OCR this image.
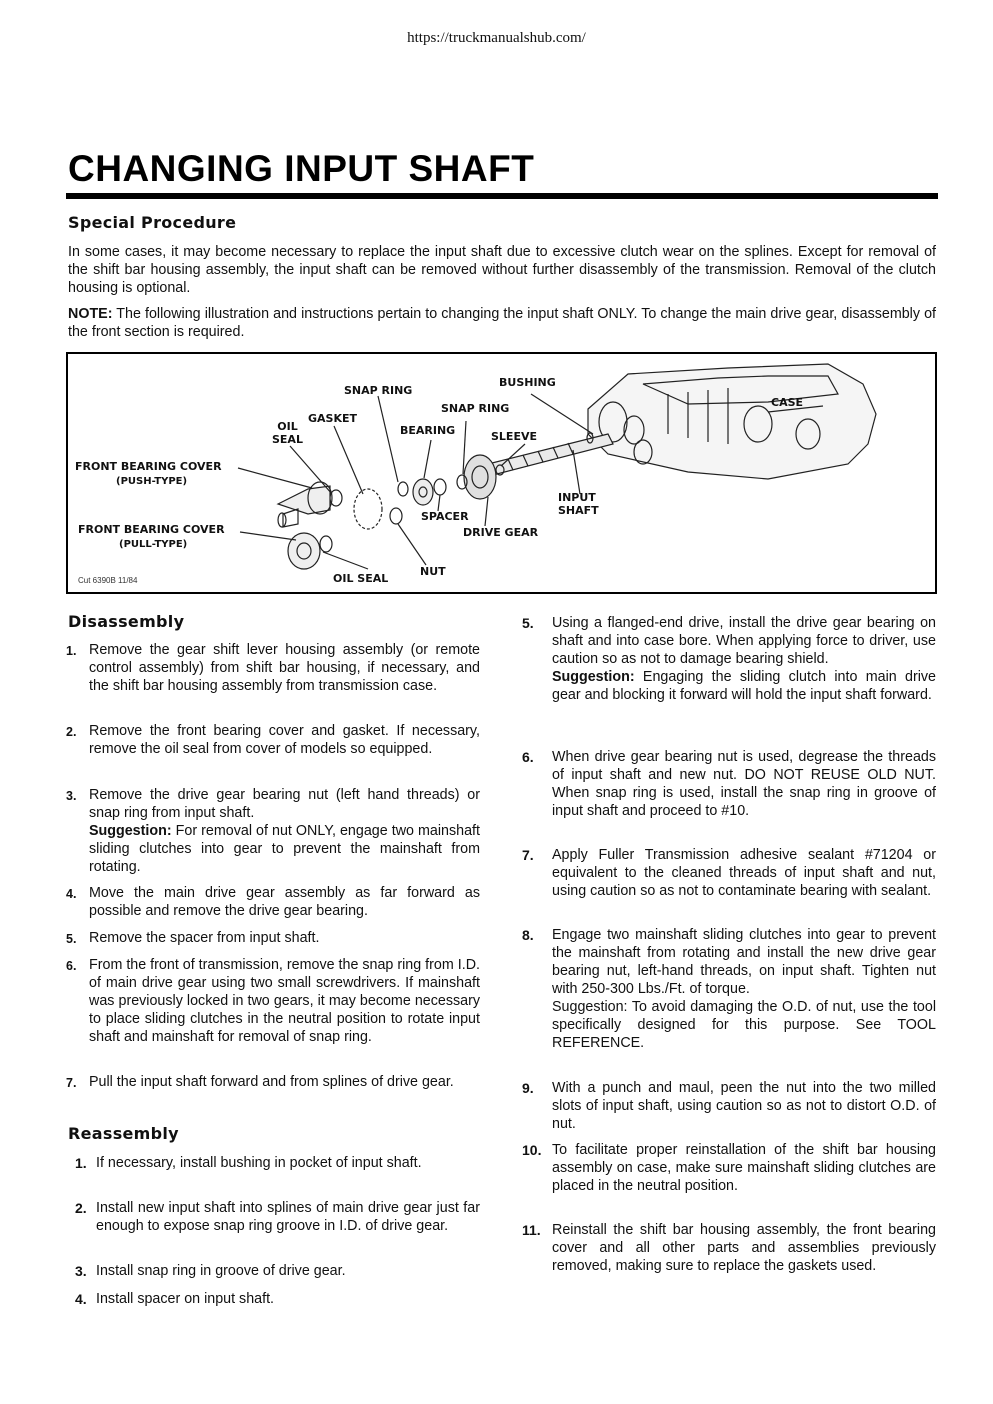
https://truckmanualshub.com/
CHANGING INPUT SHAFT
Special Procedure

In some cases, it may become necessary to replace the input shaft due to excessive clutch wear on the splines. Except for removal of the shift bar housing assembly, the input shaft can be removed without further disassembly of the transmission. Removal of the clutch housing is optional.

NOTE: The following illustration and instructions pertain to changing the input shaft ONLY. To change the main drive gear, disassembly of the front section is required.

SNAP RING
BUSHING
CASE
SNAP RING
GASKET
OIL
SEAL
BEARING	SLEEVE
FRONT BEARING COVER
(PUSH-TYPE)
INPUT
SHAFT
SPACER
DRIVE GEAR
FRONT BEARING COVER
(PULL-TYPE)
NUT
OIL SEAL
Cut 6390B 11/84
Disassembly
1. Remove the gear shift lever housing assembly (or remote control assembly) from shift bar housing, if necessary, and the shift bar housing assembly from transmission case.

2. Remove the front bearing cover and gasket. If necessary, remove the oil seal from cover of models so equipped.

3. Remove the drive gear bearing nut (left hand threads) or snap ring from input shaft.

Suggestion: For removal of nut ONLY, engage two mainshaft sliding clutches into gear to prevent the mainshaft from rotating.

4. Move the main drive gear assembly as far forward as possible and remove the drive gear bearing.

5. Remove the spacer from input shaft.

6. From the front of transmission, remove the snap ring from I.D. of main drive gear using two small screwdrivers. If mainshaft was previously locked in two gears, it may become necessary to place sliding clutches in the neutral position to rotate input shaft and mainshaft for removal of snap ring.

7. Pull the input shaft forward and from splines of drive gear.

Reassembly
1. If necessary, install bushing in pocket of input shaft.

2. Install new input shaft into splines of main drive gear just far enough to expose snap ring groove in I.D. of drive gear.

3. Install snap ring in groove of drive gear.

4. Install spacer on input shaft.

5.	Using a flanged-end drive, install the drive gear bearing on shaft and into case bore. When applying force to driver, use caution so as not to damage bearing shield.

Suggestion: Engaging the sliding clutch into main drive gear and blocking it forward will hold the input shaft forward.

6.	When drive gear bearing nut is used, degrease the threads of input shaft and new nut. DO NOT REUSE OLD NUT. When snap ring is used, install the snap ring in groove of input shaft and proceed to #10.

7.	Apply Fuller Transmission adhesive sealant #71204 or equivalent to the cleaned threads of input shaft and nut, using caution so as not to contaminate bearing with sealant.

8.	Engage two mainshaft sliding clutches into gear to prevent the mainshaft from rotating and install the new drive gear bearing nut, left-hand threads, on input shaft. Tighten nut with 250-300 Lbs./Ft. of torque.

Suggestion: To avoid damaging the O.D. of nut, use the tool specifically designed for this purpose. See TOOL REFERENCE.

9.	With a punch and maul, peen the nut into the two milled slots of input shaft, using caution so as not to distort O.D. of nut.

10. To facilitate proper reinstallation of the shift bar housing assembly on case, make sure mainshaft sliding clutches are placed in the neutral position.

11. Reinstall the shift bar housing assembly, the front bearing cover and all other parts and assemblies previously removed, making sure to replace the gaskets used.
